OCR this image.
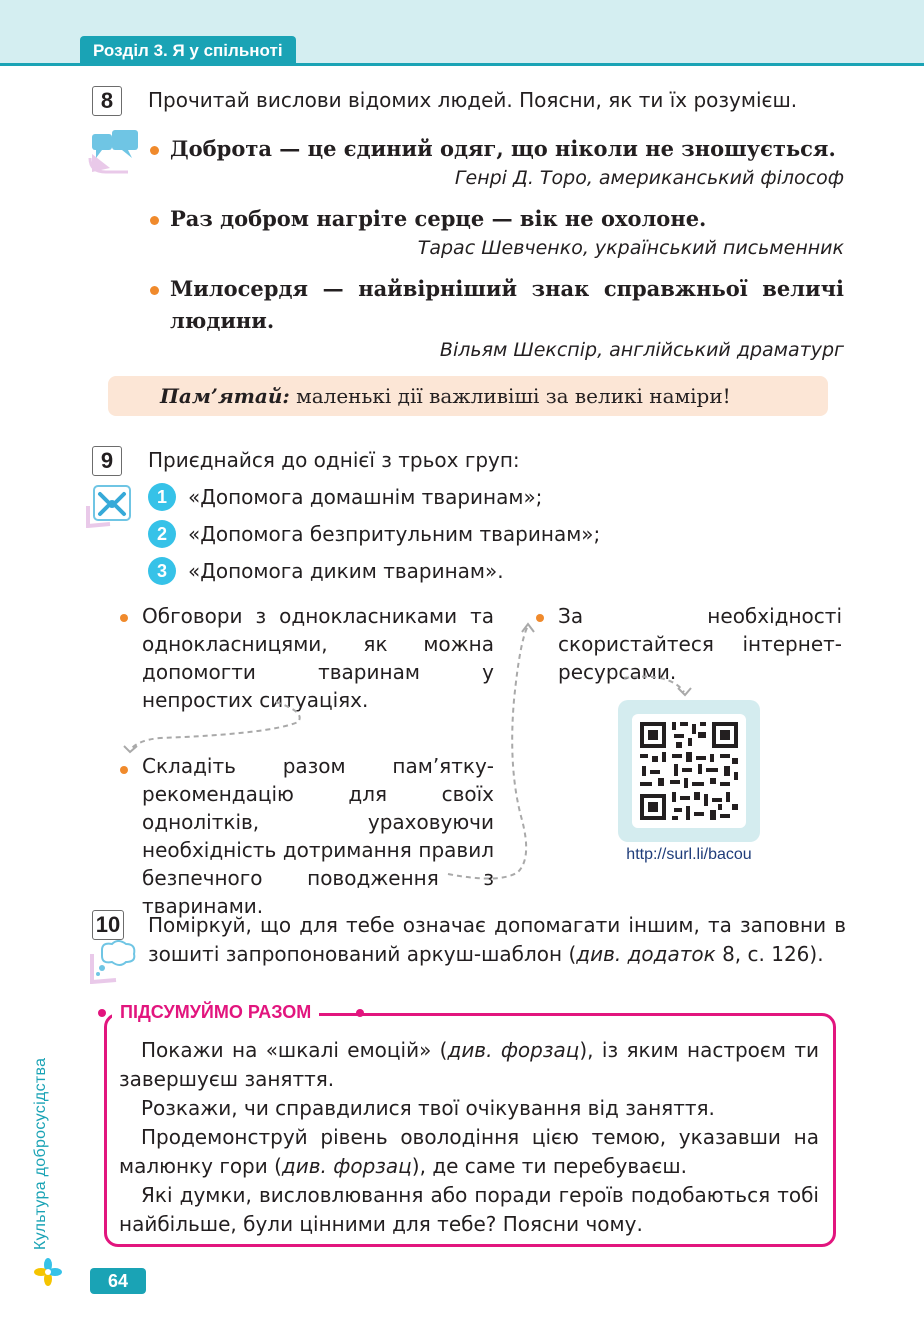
Розділ 3. Я у спільноті
8	Прочитай вислови відомих людей. Поясни, як ти їх розумієш.
Доброта — це єдиний одяг, що ніколи не зношується.
Генрі Д. Торо, американський філософ
Раз добром нагріте серце — вік не охолоне.
Тарас Шевченко, український письменник
Милосердя — найвірніший знак справжньої величі людини.
Вільям Шекспір, англійський драматург
Пам’ятай: маленькі дії важливіші за великі наміри!
9	Приєднайся до однієї з трьох груп:
1	«Допомога домашнім тваринам»;
2	«Допомога безпритульним тваринам»;
3	«Допомога диким тваринам».
Обговори з однокласниками та однокласницями, як можна допомогти тваринам у непростих ситуаціях.
Складіть разом пам’ятку-рекомендацію для своїх однолітків, ураховуючи необхідність дотримання правил безпечного поводження з тваринами.
За необхідності скористайтеся інтернет-ресурсами.
http://surl.li/bacou
10 Поміркуй, що для тебе означає допомагати іншим, та заповни в зошиті запропонований аркуш-шаблон (див. додаток 8, с. 126).
ПІДСУМУЙМО РАЗОМ

Покажи на «шкалі емоцій» (див. форзац), із яким настроєм ти завершуєш заняття.

Розкажи, чи справдилися твої очікування від заняття.

Продемонструй рівень оволодіння цією темою, указавши на малюнку гори (див. форзац), де саме ти перебуваєш.

Які думки, висловлювання або поради героїв подобаються тобі найбільше, були цінними для тебе? Поясни чому.

Культура добросусідства
64
